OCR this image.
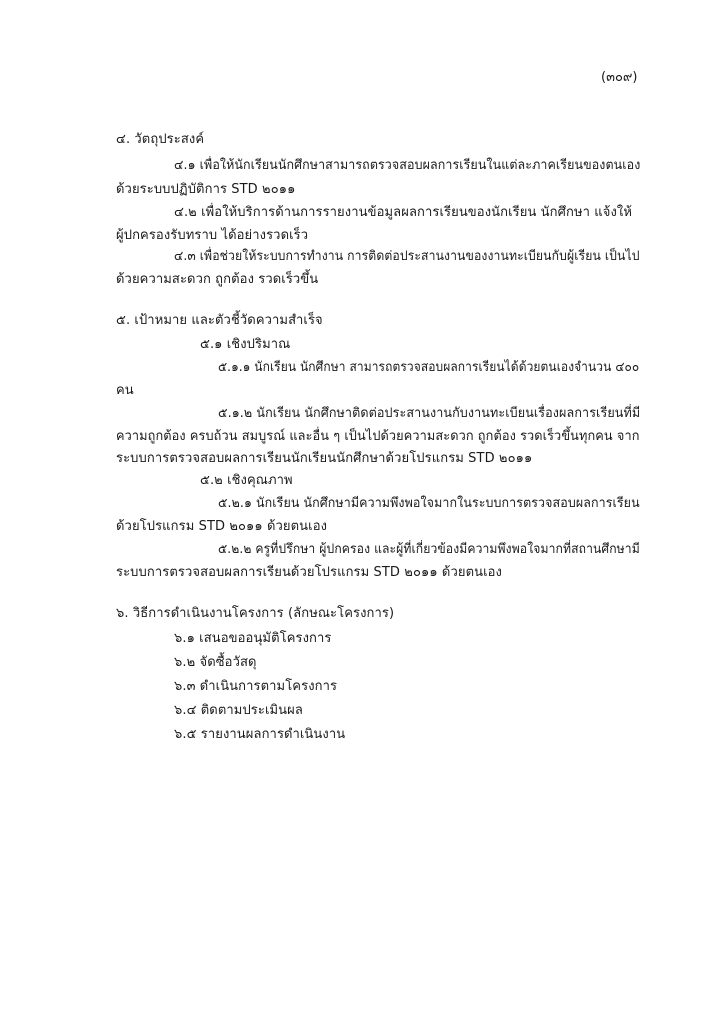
(๓๐๙)
๔. วัตถุประสงค์
๔.๑ เพื่อให้นักเรียนนักศึกษาสามารถตรวจสอบผลการเรียนในแต่ละภาคเรียนของตนเอง
ด้วยระบบปฏิบัติการ STD ๒๐๑๑
๔.๒ เพื่อให้บริการด้านการรายงานข้อมูลผลการเรียนของนักเรียน นักศึกษา แจ้งให้
ผู้ปกครองรับทราบ ได้อย่างรวดเร็ว
๔.๓ เพื่อช่วยให้ระบบการทำงาน การติดต่อประสานงานของงานทะเบียนกับผู้เรียน เป็นไป
ด้วยความสะดวก ถูกต้อง รวดเร็วขึ้น
๕. เป้าหมาย และตัวชี้วัดความสำเร็จ
๕.๑ เชิงปริมาณ
๕.๑.๑ นักเรียน นักศึกษา สามารถตรวจสอบผลการเรียนได้ด้วยตนเองจำนวน ๔๐๐
คน
๕.๑.๒ นักเรียน นักศึกษาติดต่อประสานงานกับงานทะเบียนเรื่องผลการเรียนที่มี
ความถูกต้อง ครบถ้วน สมบูรณ์ และอื่น ๆ เป็นไปด้วยความสะดวก ถูกต้อง รวดเร็วขึ้นทุกคน จาก
ระบบการตรวจสอบผลการเรียนนักเรียนนักศึกษาด้วยโปรแกรม STD ๒๐๑๑
๕.๒ เชิงคุณภาพ
๕.๒.๑ นักเรียน นักศึกษามีความพึงพอใจมากในระบบการตรวจสอบผลการเรียน
ด้วยโปรแกรม STD ๒๐๑๑ ด้วยตนเอง
๕.๒.๒ ครูที่ปรึกษา ผู้ปกครอง และผู้ที่เกี่ยวข้องมีความพึงพอใจมากที่สถานศึกษามี
ระบบการตรวจสอบผลการเรียนด้วยโปรแกรม STD ๒๐๑๑ ด้วยตนเอง
๖. วิธีการดำเนินงานโครงการ (ลักษณะโครงการ)
๖.๑ เสนอขออนุมัติโครงการ
๖.๒ จัดซื้อวัสดุ
๖.๓ ดำเนินการตามโครงการ
๖.๔ ติดตามประเมินผล
๖.๕ รายงานผลการดำเนินงาน
